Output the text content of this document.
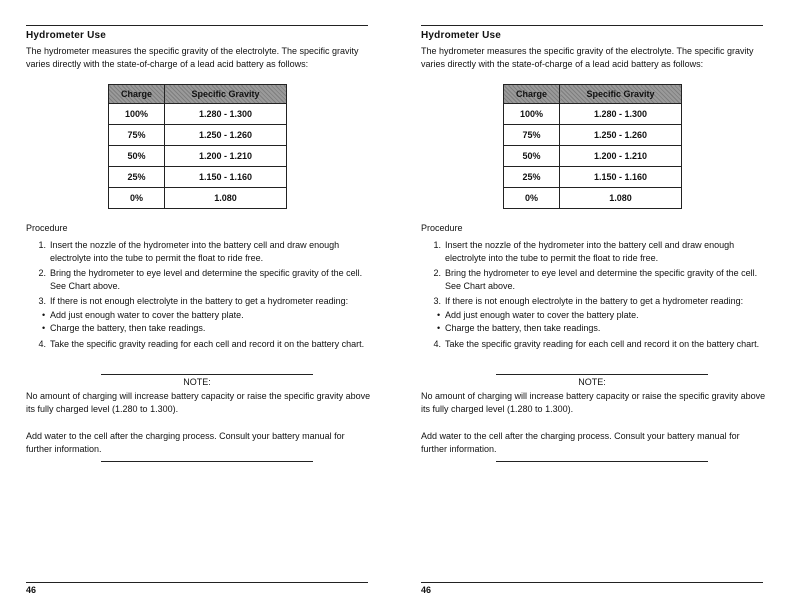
Hydrometer Use
The hydrometer measures the specific gravity of the electrolyte. The specific gravity varies directly with the state-of-charge of a lead acid battery as follows:
Charge	Specific Gravity
100%	1.280 - 1.300
75%	1.250 - 1.260
50%	1.200 - 1.210
25%	1.150 - 1.160
0%	1.080
Procedure
1. Insert the nozzle of the hydrometer into the battery cell and draw enough electrolyte into the tube to permit the float to ride free.
2. Bring the hydrometer to eye level and determine the specific gravity of the cell. See Chart above.
3. If there is not enough electrolyte in the battery to get a hydrometer reading:
• Add just enough water to cover the battery plate.
• Charge the battery, then take readings.
4. Take the specific gravity reading for each cell and record it on the battery chart.
NOTE:
No amount of charging will increase battery capacity or raise the specific gravity above its fully charged level (1.280 to 1.300).
Add water to the cell after the charging process. Consult your battery manual for further information.
46
Hydrometer Use
The hydrometer measures the specific gravity of the electrolyte. The specific gravity varies directly with the state-of-charge of a lead acid battery as follows:
Charge	Specific Gravity
100%	1.280 - 1.300
75%	1.250 - 1.260
50%	1.200 - 1.210
25%	1.150 - 1.160
0%	1.080
Procedure
1. Insert the nozzle of the hydrometer into the battery cell and draw enough electrolyte into the tube to permit the float to ride free.
2. Bring the hydrometer to eye level and determine the specific gravity of the cell. See Chart above.
3. If there is not enough electrolyte in the battery to get a hydrometer reading:
• Add just enough water to cover the battery plate.
• Charge the battery, then take readings.
4. Take the specific gravity reading for each cell and record it on the battery chart.
NOTE:
No amount of charging will increase battery capacity or raise the specific gravity above its fully charged level (1.280 to 1.300).
Add water to the cell after the charging process. Consult your battery manual for further information.
46
